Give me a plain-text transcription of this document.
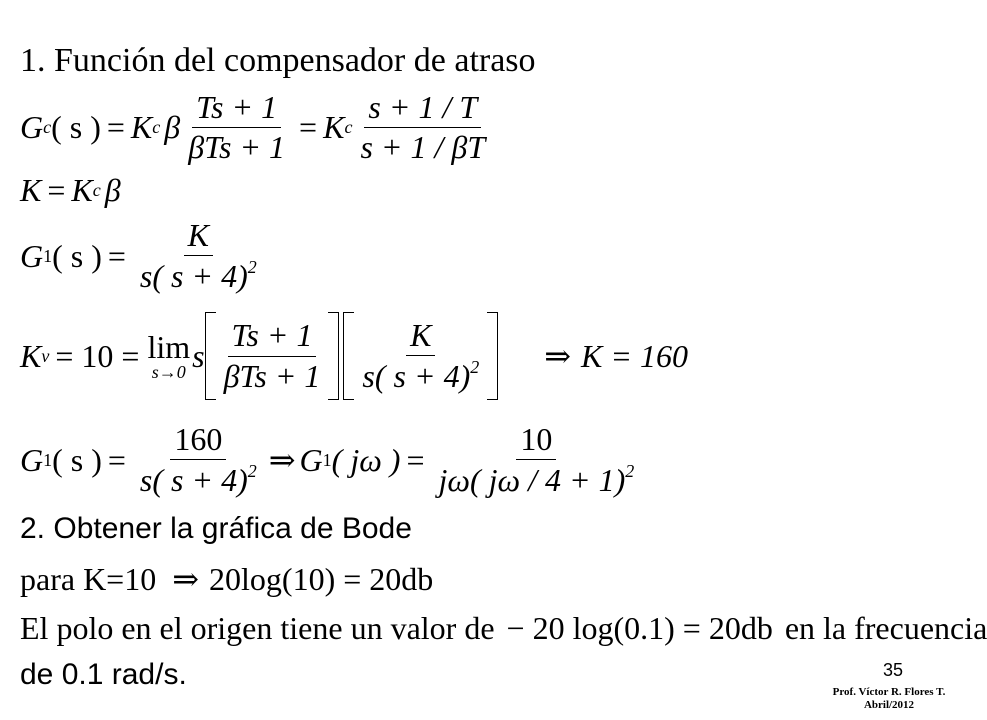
1. Función del compensador de atraso
G c ( s ) = K c β $\frac{Ts + 1}{\text{βTs + 1}} = K$ c $\frac{s + 1 / T}{s + 1 / \beta T}$
K = K c β
G 1 ( s ) = $\frac{K}{s( s + 4)^2}$
K v = 10 = lim
s→0 s $\frac{Ts + 1}{\text{βTs + 1}} \frac{K}{s( s + 4)^2}$ ⇒ K = 160
G 1 ( s ) = $\frac{160}{s( s + 4)^2}$ ⇒ G 1 ( jω ) = $\frac{10}{j\omega( j\omega / 4 + 1)^2}$
2. Obtener la gráfica de Bode
para K=10 ⇒ 20log(10) = 20db
El polo en el origen tiene un valor de − 20 log(0.1) = 20db en la frecuencia
de 0.1 rad/s.	35
Prof. Víctor R. Flores T.
Abril/2012
